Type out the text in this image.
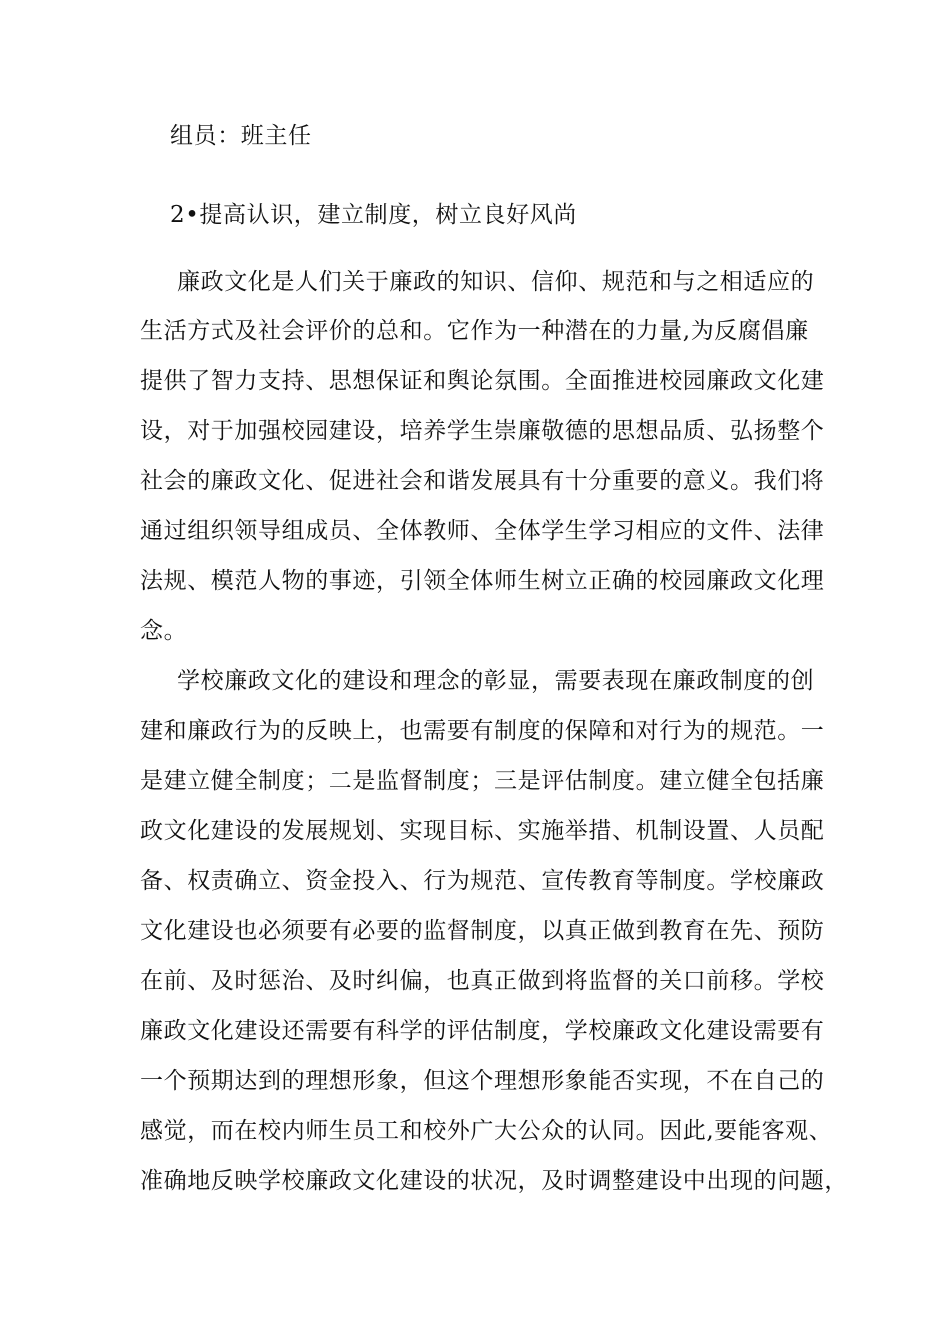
组员：班主任
2•提高认识，建立制度，树立良好风尚
廉政文化是人们关于廉政的知识、信仰、规范和与之相适应的
生活方式及社会评价的总和。它作为一种潜在的力量,为反腐倡廉
提供了智力支持、思想保证和舆论氛围。全面推进校园廉政文化建
设，对于加强校园建设，培养学生崇廉敬德的思想品质、弘扬整个
社会的廉政文化、促进社会和谐发展具有十分重要的意义。我们将
通过组织领导组成员、全体教师、全体学生学习相应的文件、法律
法规、模范人物的事迹，引领全体师生树立正确的校园廉政文化理
念。
学校廉政文化的建设和理念的彰显，需要表现在廉政制度的创
建和廉政行为的反映上，也需要有制度的保障和对行为的规范。一
是建立健全制度；二是监督制度；三是评估制度。建立健全包括廉
政文化建设的发展规划、实现目标、实施举措、机制设置、人员配
备、权责确立、资金投入、行为规范、宣传教育等制度。学校廉政
文化建设也必须要有必要的监督制度，以真正做到教育在先、预防
在前、及时惩治、及时纠偏，也真正做到将监督的关口前移。学校
廉政文化建设还需要有科学的评估制度，学校廉政文化建设需要有
一个预期达到的理想形象，但这个理想形象能否实现，不在自己的
感觉，而在校内师生员工和校外广大公众的认同。因此,要能客观、
准确地反映学校廉政文化建设的状况，及时调整建设中出现的问题，
